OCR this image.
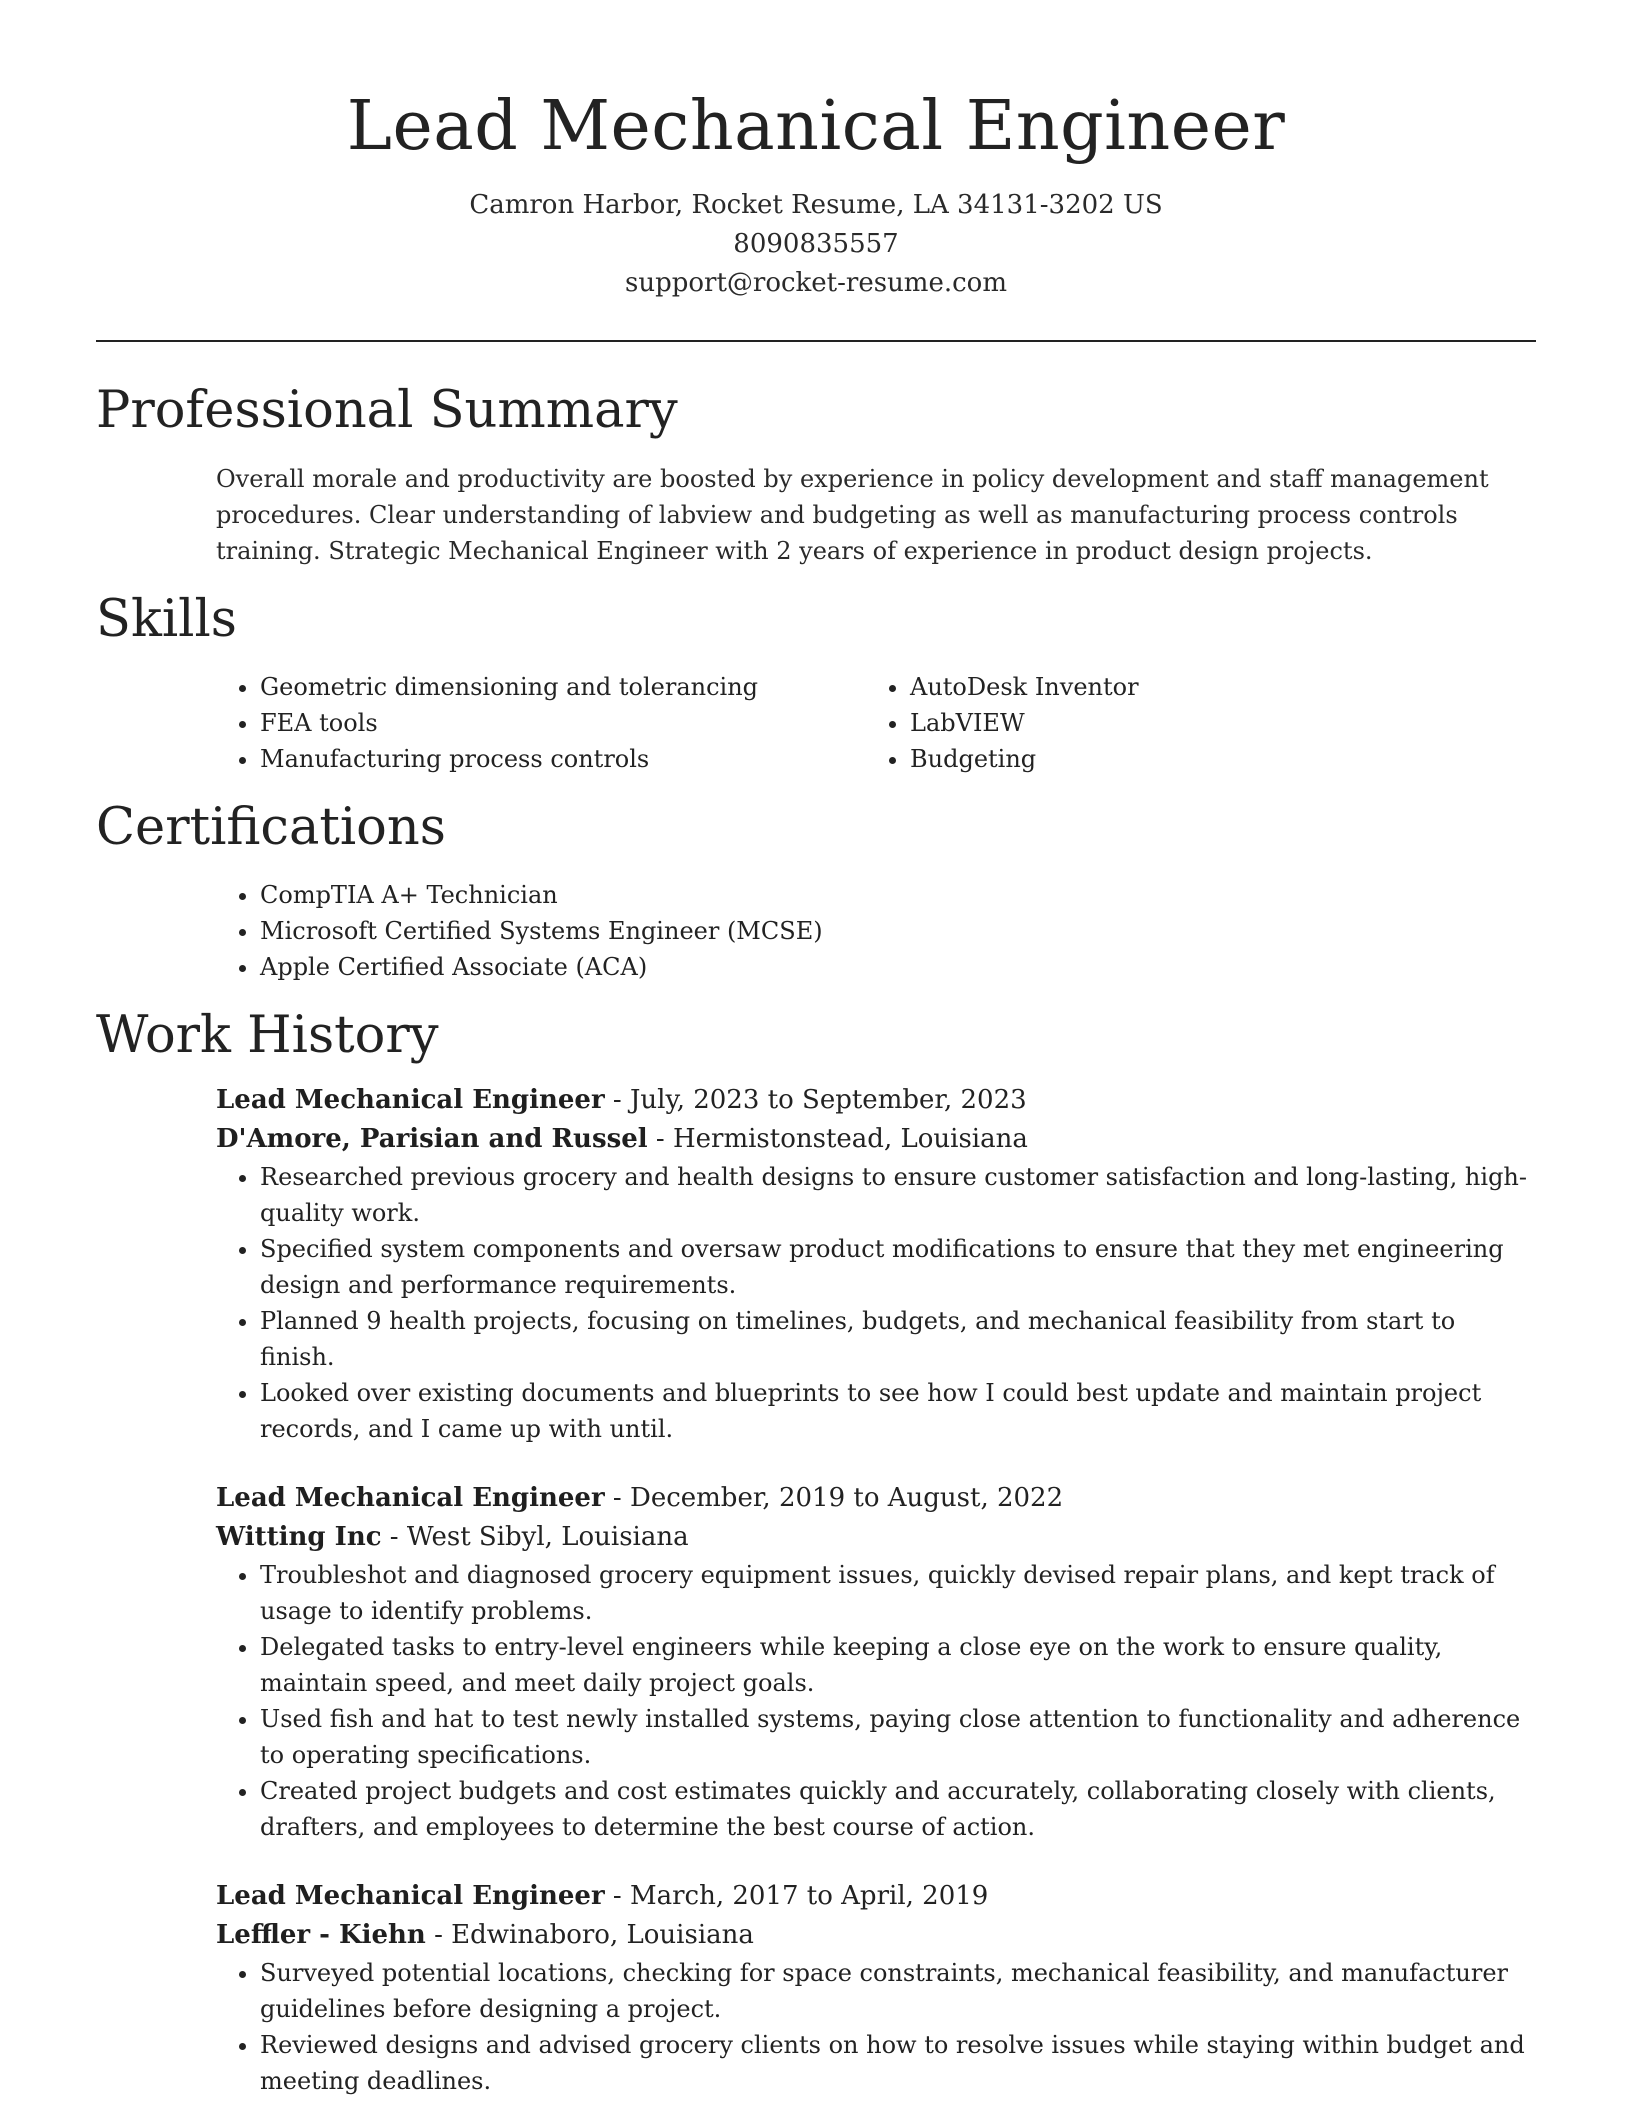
Lead Mechanical Engineer
Camron Harbor, Rocket Resume, LA 34131-3202 US
8090835557
support@rocket-resume.com
Professional Summary
Overall morale and productivity are boosted by experience in policy development and staff management procedures. Clear understanding of labview and budgeting as well as manufacturing process controls training. Strategic Mechanical Engineer with 2 years of experience in product design projects.
Skills
• Geometric dimensioning and tolerancing
• FEA tools
• Manufacturing process controls
• AutoDesk Inventor
• LabVIEW
• Budgeting
Certifications
• CompTIA A+ Technician
• Microsoft Certified Systems Engineer (MCSE)
• Apple Certified Associate (ACA)
Work History
Lead Mechanical Engineer - July, 2023 to September, 2023
D'Amore, Parisian and Russel - Hermistonstead, Louisiana
• Researched previous grocery and health designs to ensure customer satisfaction and long-lasting, high-quality work.
• Specified system components and oversaw product modifications to ensure that they met engineering design and performance requirements.
• Planned 9 health projects, focusing on timelines, budgets, and mechanical feasibility from start to finish.
• Looked over existing documents and blueprints to see how I could best update and maintain project records, and I came up with until.
Lead Mechanical Engineer - December, 2019 to August, 2022
Witting Inc - West Sibyl, Louisiana
• Troubleshot and diagnosed grocery equipment issues, quickly devised repair plans, and kept track of usage to identify problems.
• Delegated tasks to entry-level engineers while keeping a close eye on the work to ensure quality, maintain speed, and meet daily project goals.
• Used fish and hat to test newly installed systems, paying close attention to functionality and adherence to operating specifications.
• Created project budgets and cost estimates quickly and accurately, collaborating closely with clients, drafters, and employees to determine the best course of action.
Lead Mechanical Engineer - March, 2017 to April, 2019
Leffler - Kiehn - Edwinaboro, Louisiana
• Surveyed potential locations, checking for space constraints, mechanical feasibility, and manufacturer guidelines before designing a project.
• Reviewed designs and advised grocery clients on how to resolve issues while staying within budget and meeting deadlines.
